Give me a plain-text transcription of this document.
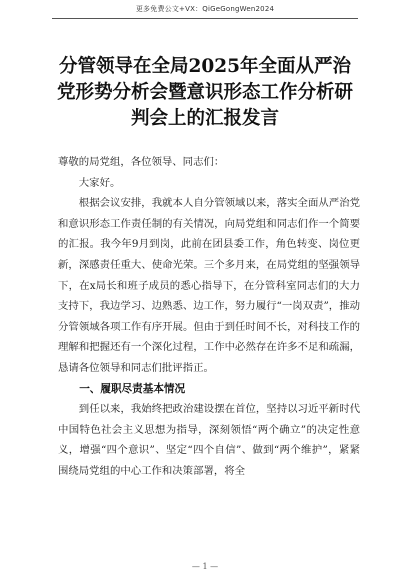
更多免费公文+VX：QiGeGongWen2024
分管领导在全局2025年全面从严治党形势分析会暨意识形态工作分析研判会上的汇报发言

尊敬的局党组，各位领导、同志们：

大家好。

根据会议安排，我就本人自分管领域以来，落实全面从严治党和意识形态工作责任制的有关情况，向局党组和同志们作一个简要的汇报。我今年9月到岗，此前在团县委工作，角色转变、岗位更新，深感责任重大、使命光荣。三个多月来，在局党组的坚强领导下，在x局长和班子成员的悉心指导下，在分管科室同志们的大力支持下，我边学习、边熟悉、边工作，努力履行“一岗双责”，推动分管领域各项工作有序开展。但由于到任时间不长，对科技工作的理解和把握还有一个深化过程，工作中必然存在许多不足和疏漏，恳请各位领导和同志们批评指正。

一、履职尽责基本情况

到任以来，我始终把政治建设摆在首位，坚持以习近平新时代中国特色社会主义思想为指导，深刻领悟“两个确立”的决定性意义，增强“四个意识”、坚定“四个自信”、做到“两个维护”，紧紧围绕局党组的中心工作和决策部署，将全

— 1 —
